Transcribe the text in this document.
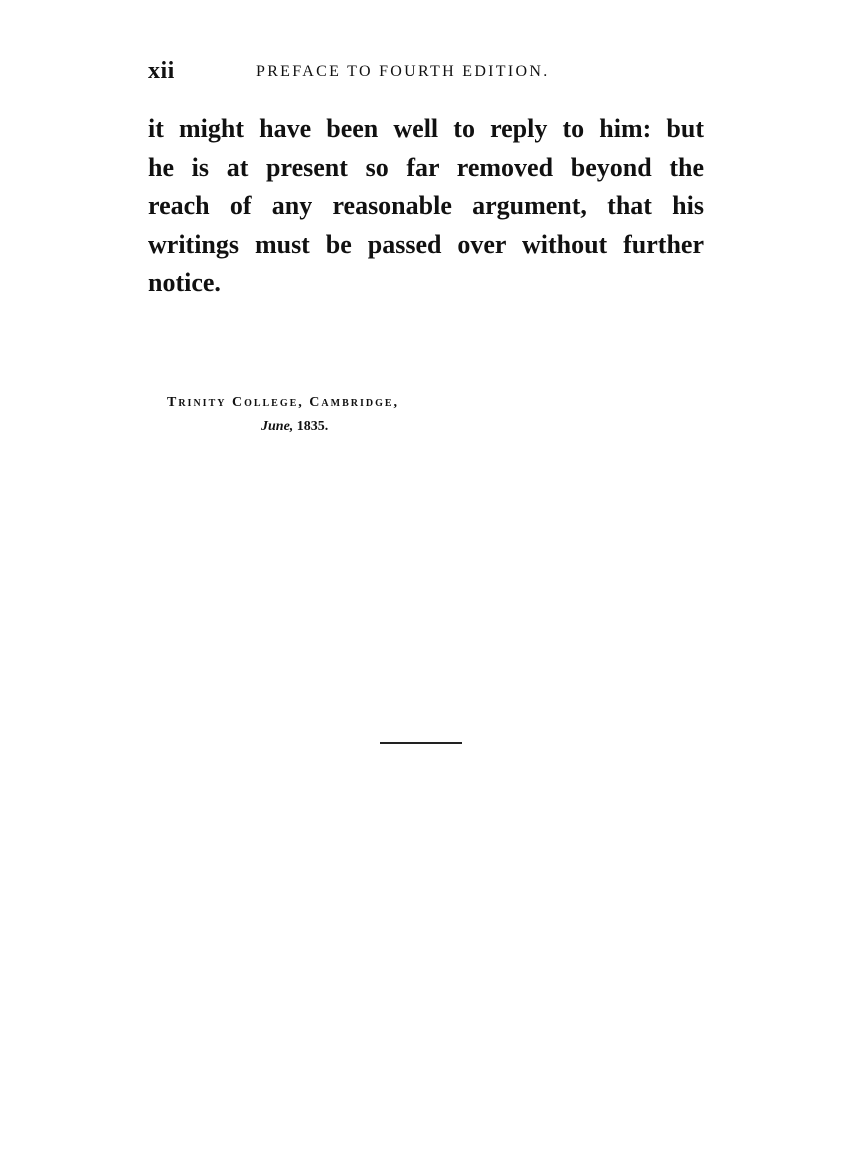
xii	PREFACE TO FOURTH EDITION.
it might have been well to reply to him: but
he is at present so far removed beyond the
reach of any reasonable argument, that his
writings must be passed over without further
notice.
Trinity College, Cambridge,
June, 1835.
